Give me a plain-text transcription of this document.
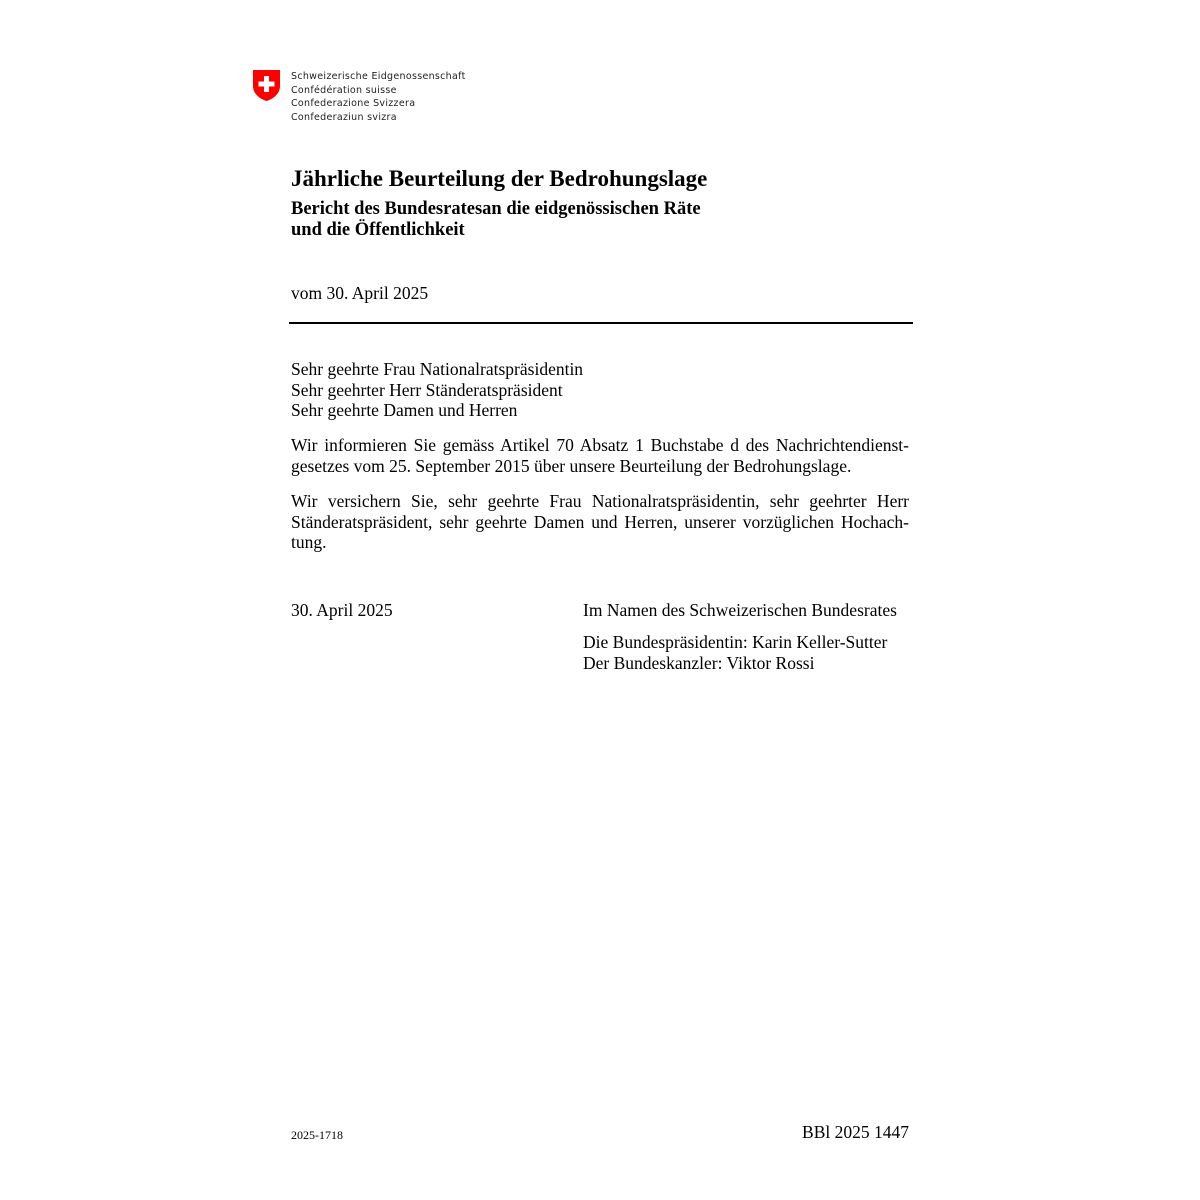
Schweizerische Eidgenossenschaft
Confédération suisse
Confederazione Svizzera
Confederaziun svizra
Jährliche Beurteilung der Bedrohungslage
Bericht des Bundesratesan die eidgenössischen Räte
und die Öffentlichkeit
vom 30. April 2025
Sehr geehrte Frau Nationalratspräsidentin
Sehr geehrter Herr Ständeratspräsident
Sehr geehrte Damen und Herren
Wir informieren Sie gemäss Artikel 70 Absatz 1 Buchstabe d des Nachrichtendienst-
gesetzes vom 25. September 2015 über unsere Beurteilung der Bedrohungslage.
Wir versichern Sie, sehr geehrte Frau Nationalratspräsidentin, sehr geehrter Herr
Ständeratspräsident, sehr geehrte Damen und Herren, unserer vorzüglichen Hochach-
tung.
30. April 2025	Im Namen des Schweizerischen Bundesrates
Die Bundespräsidentin: Karin Keller-Sutter
Der Bundeskanzler: Viktor Rossi
2025-1718	BBl 2025 1447
